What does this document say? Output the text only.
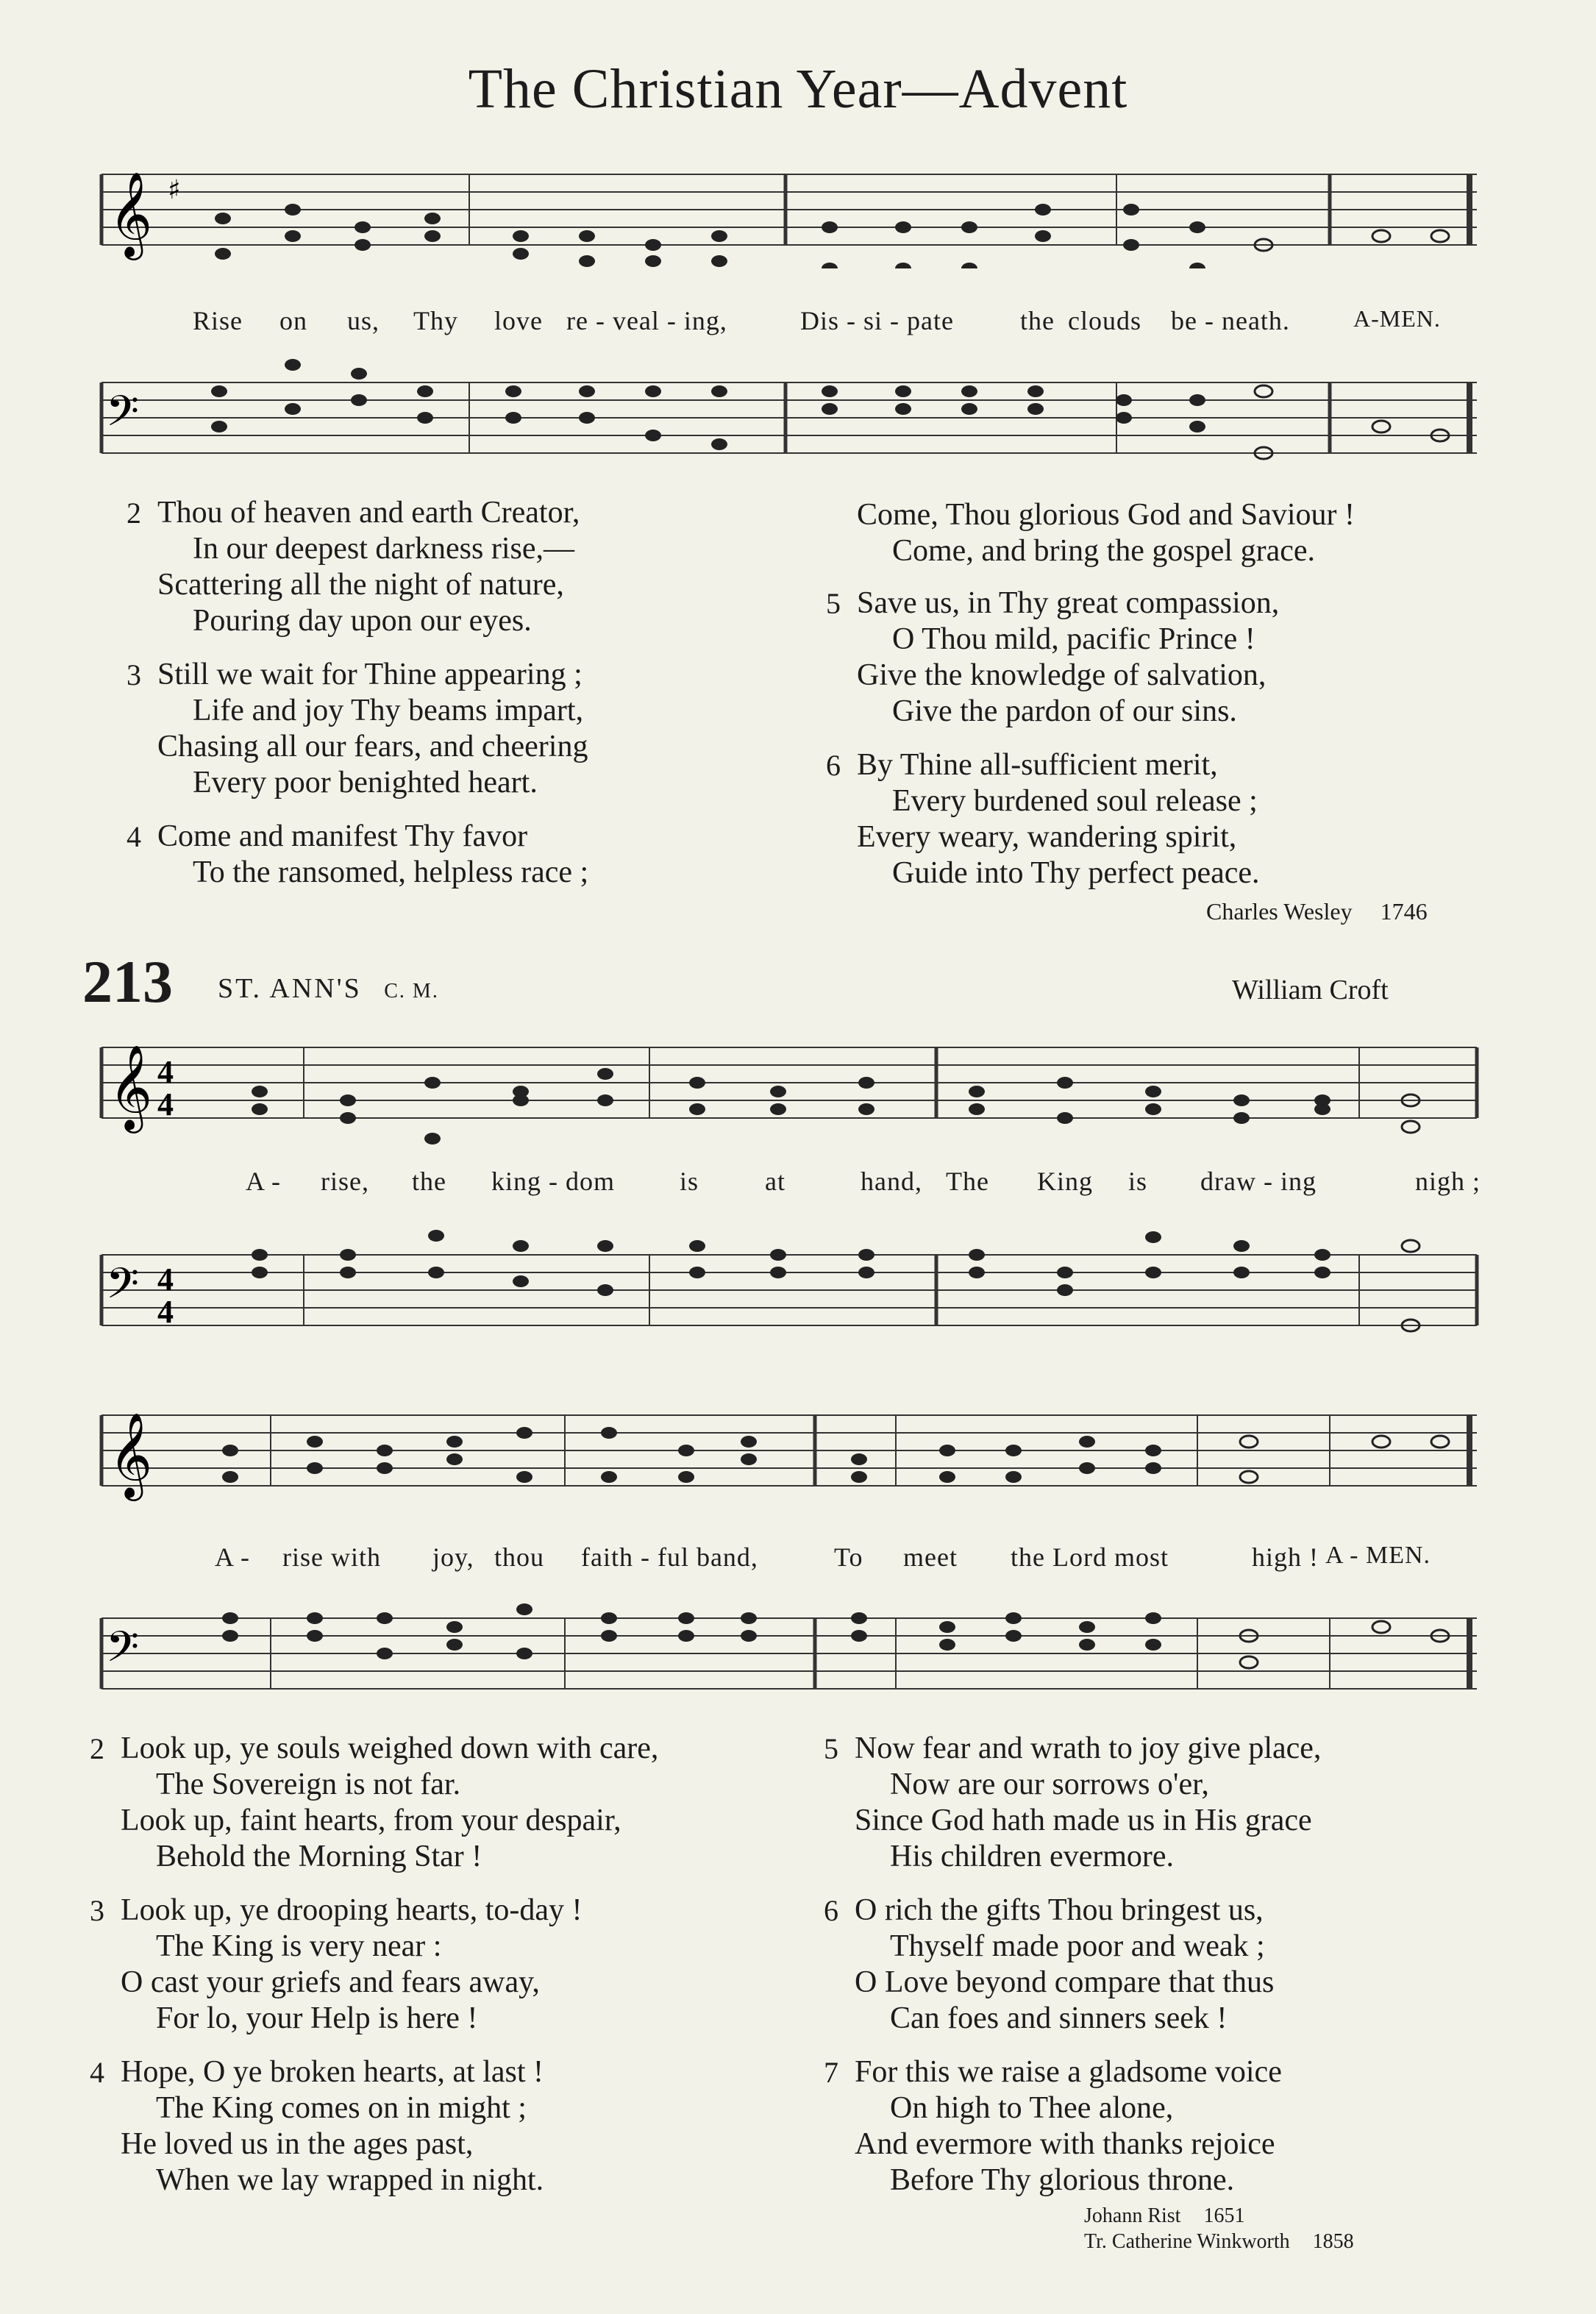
The Christian Year—Advent
𝄞 ♯
Rise on us, Thy love re - veal - ing,	Dis - si - pate	the clouds be - neath.	A-MEN.
𝄢
2 Thou of heaven and earth Creator,
In our deepest darkness rise,—
Scattering all the night of nature,
Pouring day upon our eyes.
3 Still we wait for Thine appearing ;
Life and joy Thy beams impart,
Chasing all our fears, and cheering
Every poor benighted heart.
4 Come and manifest Thy favor
To the ransomed, helpless race ;
Come, Thou glorious God and Saviour !
Come, and bring the gospel grace.
5 Save us, in Thy great compassion,
O Thou mild, pacific Prince !
Give the knowledge of salvation,
Give the pardon of our sins.
6 By Thine all-sufficient merit,
Every burdened soul release ;
Every weary, wandering spirit,
Guide into Thy perfect peace.
Charles Wesley 1746
213 ST. ANN'S C. M.	William Croft
𝄞 4
4
A - rise, the king - dom is at	hand, The King is draw - ing	nigh ;
𝄢 4
4
𝄞
A - rise with joy, thou faith - ful band,	To meet the Lord most	high ! A - MEN.
𝄢
2 Look up, ye souls weighed down with care,
The Sovereign is not far.
Look up, faint hearts, from your despair,
Behold the Morning Star !
3 Look up, ye drooping hearts, to-day !
The King is very near :
O cast your griefs and fears away,
For lo, your Help is here !
4 Hope, O ye broken hearts, at last !
The King comes on in might ;
He loved us in the ages past,
When we lay wrapped in night.
5 Now fear and wrath to joy give place,
Now are our sorrows o'er,
Since God hath made us in His grace
His children evermore.
6 O rich the gifts Thou bringest us,
Thyself made poor and weak ;
O Love beyond compare that thus
Can foes and sinners seek !
7 For this we raise a gladsome voice
On high to Thee alone,
And evermore with thanks rejoice
Before Thy glorious throne.
Johann Rist 1651
Tr. Catherine Winkworth 1858
